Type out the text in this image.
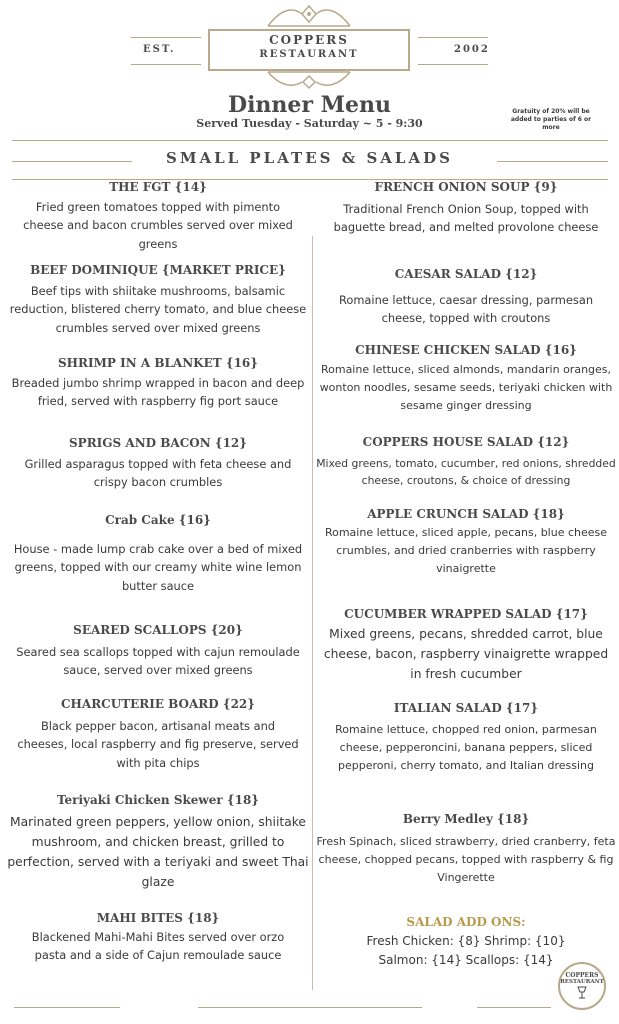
COPPERS
RESTAURANT
EST.	2002
Dinner Menu
Served Tuesday - Saturday ~ 5 - 9:30
Gratuity of 20% will be added to parties of 6 or more
SMALL PLATES & SALADS
THE FGT {14}

Fried green tomatoes topped with pimento cheese and bacon crumbles served over mixed greens

BEEF DOMINIQUE {MARKET PRICE}

Beef tips with shiitake mushrooms, balsamic reduction, blistered cherry tomato, and blue cheese crumbles served over mixed greens

SHRIMP IN A BLANKET {16}

Breaded jumbo shrimp wrapped in bacon and deep fried, served with raspberry fig port sauce

SPRIGS AND BACON {12}

Grilled asparagus topped with feta cheese and crispy bacon crumbles

Crab Cake {16}

House - made lump crab cake over a bed of mixed greens, topped with our creamy white wine lemon butter sauce

SEARED SCALLOPS {20}

Seared sea scallops topped with cajun remoulade sauce, served over mixed greens

CHARCUTERIE BOARD {22}

Black pepper bacon, artisanal meats and cheeses, local raspberry and fig preserve, served with pita chips

Teriyaki Chicken Skewer {18}

Marinated green peppers, yellow onion, shiitake mushroom, and chicken breast, grilled to perfection, served with a teriyaki and sweet Thai glaze

MAHI BITES {18}

Blackened Mahi-Mahi Bites served over orzo pasta and a side of Cajun remoulade sauce

FRENCH ONION SOUP {9}

Traditional French Onion Soup, topped with baguette bread, and melted provolone cheese

CAESAR SALAD {12}

Romaine lettuce, caesar dressing, parmesan cheese, topped with croutons

CHINESE CHICKEN SALAD {16}

Romaine lettuce, sliced almonds, mandarin oranges, wonton noodles, sesame seeds, teriyaki chicken with sesame ginger dressing

COPPERS HOUSE SALAD {12}

Mixed greens, tomato, cucumber, red onions, shredded cheese, croutons, & choice of dressing

APPLE CRUNCH SALAD {18}

Romaine lettuce, sliced apple, pecans, blue cheese crumbles, and dried cranberries with raspberry vinaigrette

CUCUMBER WRAPPED SALAD {17}

Mixed greens, pecans, shredded carrot, blue cheese, bacon, raspberry vinaigrette wrapped in fresh cucumber

ITALIAN SALAD {17}

Romaine lettuce, chopped red onion, parmesan cheese, pepperoncini, banana peppers, sliced pepperoni, cherry tomato, and Italian dressing

Berry Medley {18}

Fresh Spinach, sliced strawberry, dried cranberry, feta cheese, chopped pecans, topped with raspberry & fig Vingerette

SALAD ADD ONS:

Fresh Chicken: {8} Shrimp: {10}

Salmon: {14} Scallops: {14}

COPPERS
RESTAURANT
